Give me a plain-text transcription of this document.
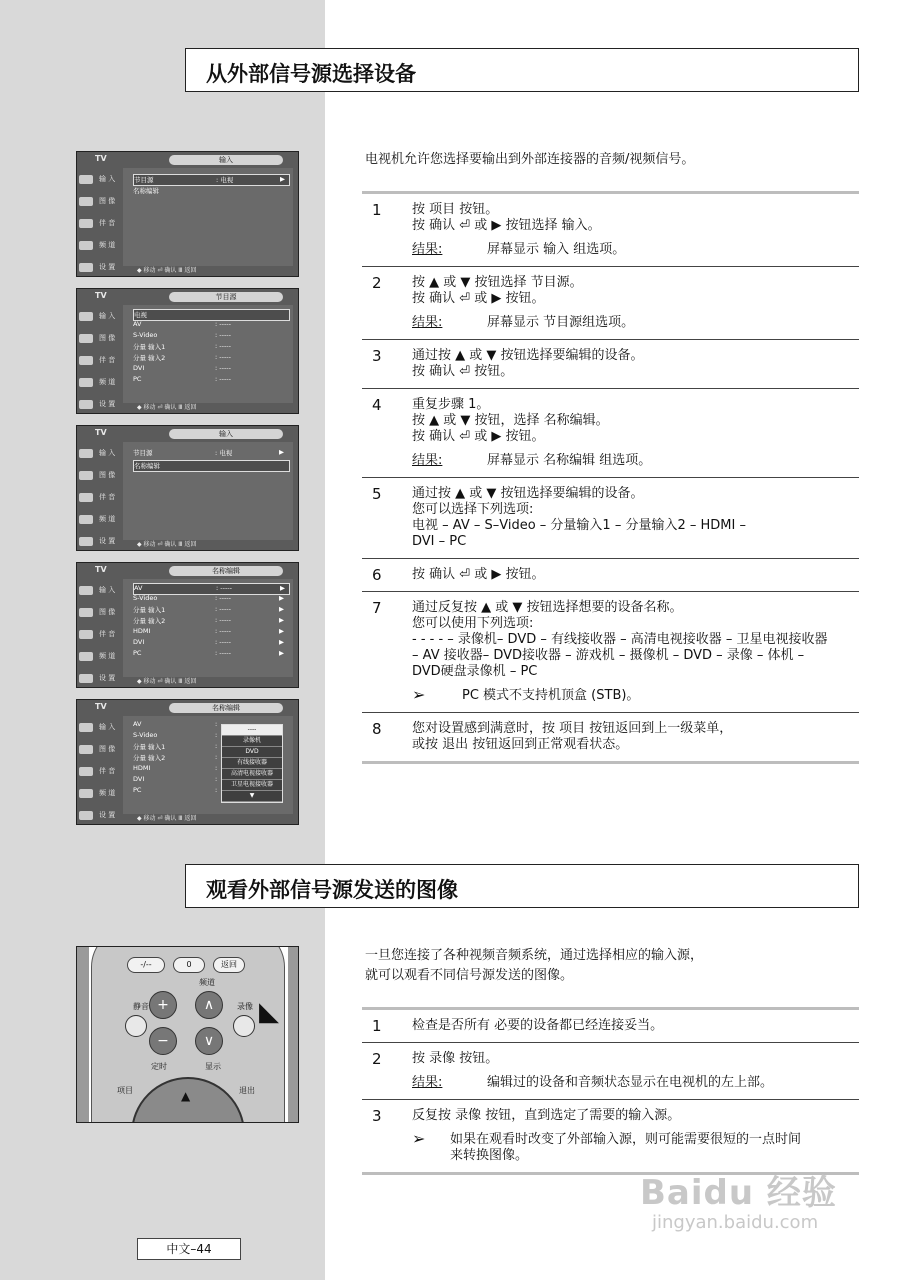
从外部信号源选择设备
电视机允许您选择要输出到外部连接器的音频/视频信号。
1 按 项目 按钮。
按 确认 ⏎ 或 ▶ 按钮选择 输入。
结果:	屏幕显示 输入 组选项。
2 按 ▲ 或 ▼ 按钮选择 节目源。
按 确认 ⏎ 或 ▶ 按钮。
结果:	屏幕显示 节目源组选项。
3 通过按 ▲ 或 ▼ 按钮选择要编辑的设备。
按 确认 ⏎ 按钮。
4 重复步骤 1。
按 ▲ 或 ▼ 按钮，选择 名称编辑。
按 确认 ⏎ 或 ▶ 按钮。
结果:	屏幕显示 名称编辑 组选项。
5 通过按 ▲ 或 ▼ 按钮选择要编辑的设备。
您可以选择下列选项:
电视 – AV – S–Video – 分量输入1 – 分量输入2 – HDMI –
DVI – PC
6 按 确认 ⏎ 或 ▶ 按钮。
7 通过反复按 ▲ 或 ▼ 按钮选择想要的设备名称。
您可以使用下列选项:
- - - - – 录像机– DVD – 有线接收器 – 高清电视接收器 – 卫星电视接收器
– AV 接收器– DVD接收器 – 游戏机 – 摄像机 – DVD – 录像 – 体机 –
DVD硬盘录像机 – PC
➢	PC 模式不支持机顶盒 (STB)。
8 您对设置感到满意时，按 项目 按钮返回到上一级菜单，
或按 退出 按钮返回到正常观看状态。
TV	输入
输 入
图 像
伴 音
频 道
设 置
节目源	: 电视	▶
名称编辑
◆ 移动 ⏎ 确认 Ⅲ 返回
TV	节目源
输 入
图 像
伴 音
频 道
设 置
电视
AV	: -----
S-Video	: -----
分量 输入1	: -----
分量 输入2	: -----
DVI	: -----
PC	: -----
◆ 移动 ⏎ 确认 Ⅲ 返回
TV	输入
输 入
图 像
伴 音
频 道
设 置
节目源	: 电视	▶
名称编辑
◆ 移动 ⏎ 确认 Ⅲ 返回
TV	名称编辑
输 入
图 像
伴 音
频 道
设 置
AV	: -----	▶
S-Video	: -----	▶
分量 输入1	: -----	▶
分量 输入2	: -----	▶
HDMI	: -----	▶
DVI	: -----	▶
PC	: -----	▶
◆ 移动 ⏎ 确认 Ⅲ 返回
TV	名称编辑
输 入
图 像
伴 音
频 道
设 置
AV	:
S-Video	:
分量 输入1	:
分量 输入2	:
HDMI	:
DVI	:
PC	:
----
录像机
DVD
有线接收器
高清电视接收器
卫星电视接收器
▼
◆ 移动 ⏎ 确认 Ⅲ 返回
观看外部信号源发送的图像
一旦您连接了各种视频音频系统，通过选择相应的输入源，
就可以观看不同信号源发送的图像。
1 检查是否所有 必要的设备都已经连接妥当。
2 按 录像 按钮。
结果:	编辑过的设备和音频状态显示在电视机的左上部。
3 反复按 录像 按钮，直到选定了需要的输入源。
➢ 如果在观看时改变了外部输入源，则可能需要很短的一点时间
来转换图像。
-/--	0	返回
频道
静音	录像
+	∧
−	∨
◣
定时	显示
项目	退出
▲
中文–44
Baidu 经验
jingyan.baidu.com
